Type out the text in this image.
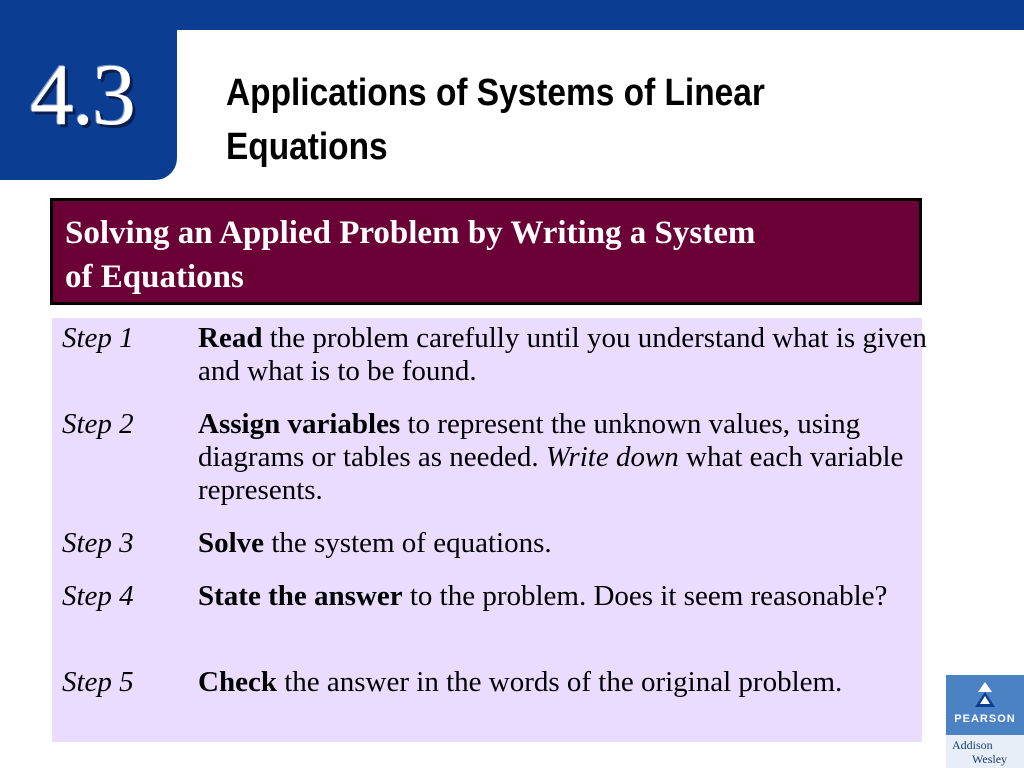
4.3	Applications of Systems of Linear
Equations
Solving an Applied Problem by Writing a System
of Equations
Step 1 Read the problem carefully until you understand what is given and what is to be found.
Step 2 Assign variables to represent the unknown values, using diagrams or tables as needed. Write down what each variable represents.
Step 3 Solve the system of equations.
Step 4 State the answer to the problem. Does it seem reasonable?
Step 5 Check the answer in the words of the original problem.
PEARSON
Addison
Wesley
